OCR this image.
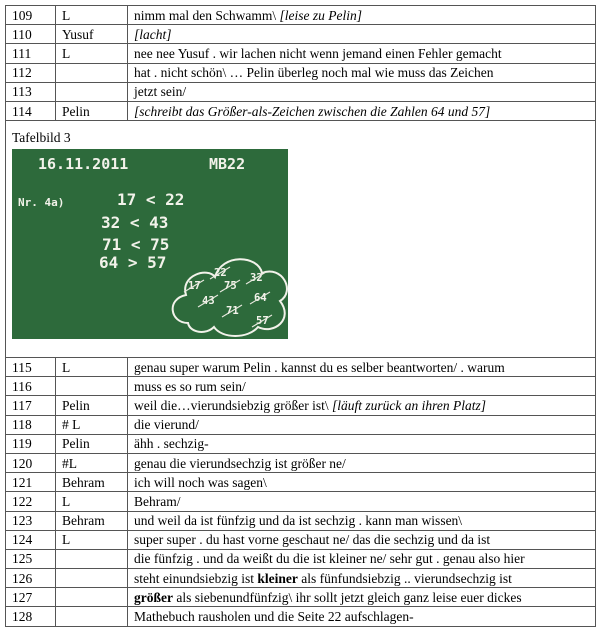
109	L	nimm mal den Schwamm\ [leise zu Pelin]
110	Yusuf	[lacht]
111	L	nee nee Yusuf . wir lachen nicht wenn jemand einen Fehler gemacht
112		hat . nicht schön\ … Pelin überleg noch mal wie muss das Zeichen
113		jetzt sein/
114	Pelin	[schreibt das Größer-als-Zeichen zwischen die Zahlen 64 und 57]
Tafelbild 3
16.11.2011	MB22
Nr. 4a)	17 < 22
32 < 43
71 < 75
64 > 57
22 32
17 75
43	64
71
57
115	L	genau super warum Pelin . kannst du es selber beantworten/ . warum
116		muss es so rum sein/
117	Pelin	weil die…vierundsiebzig größer ist\ [läuft zurück an ihren Platz]
118	# L	die vierund/
119	Pelin	ähh . sechzig-
120	#L	genau die vierundsechzig ist größer ne/
121	Behram	ich will noch was sagen\
122	L	Behram/
123	Behram	und weil da ist fünfzig und da ist sechzig . kann man wissen\
124	L	super super . du hast vorne geschaut ne/ das die sechzig und da ist
125		die fünfzig . und da weißt du die ist kleiner ne/ sehr gut . genau also hier
126		steht einundsiebzig ist kleiner als fünfundsiebzig .. vierundsechzig ist
127		größer als siebenundfünfzig\ ihr sollt jetzt gleich ganz leise euer dickes
128		Mathebuch rausholen und die Seite 22 aufschlagen-
